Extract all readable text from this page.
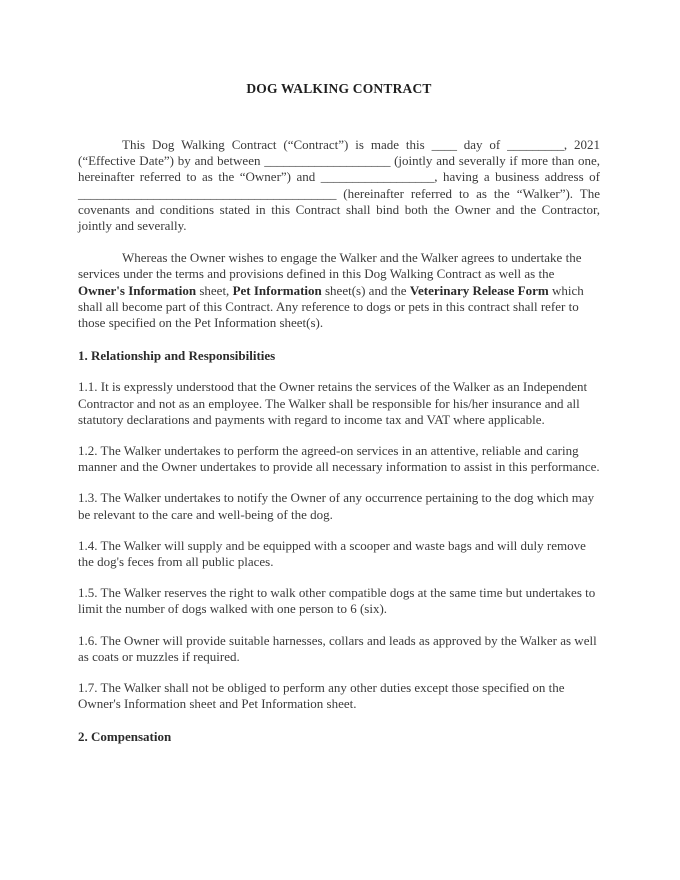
DOG WALKING CONTRACT

This Dog Walking Contract (“Contract”) is made this ____ day of _________, 2021 (“Effective Date”) by and between ____________________ (jointly and severally if more than one, hereinafter referred to as the “Owner”) and __________________, having a business address of _________________________________________ (hereinafter referred to as the “Walker”). The covenants and conditions stated in this Contract shall bind both the Owner and the Contractor, jointly and severally.

Whereas the Owner wishes to engage the Walker and the Walker agrees to undertake the services under the terms and provisions defined in this Dog Walking Contract as well as the Owner's Information sheet, Pet Information sheet(s) and the Veterinary Release Form which shall all become part of this Contract. Any reference to dogs or pets in this contract shall refer to those specified on the Pet Information sheet(s).

1. Relationship and Responsibilities

1.1. It is expressly understood that the Owner retains the services of the Walker as an Independent Contractor and not as an employee. The Walker shall be responsible for his/her insurance and all statutory declarations and payments with regard to income tax and VAT where applicable.

1.2. The Walker undertakes to perform the agreed-on services in an attentive, reliable and caring manner and the Owner undertakes to provide all necessary information to assist in this performance.

1.3. The Walker undertakes to notify the Owner of any occurrence pertaining to the dog which may be relevant to the care and well-being of the dog.

1.4. The Walker will supply and be equipped with a scooper and waste bags and will duly remove the dog's feces from all public places.

1.5. The Walker reserves the right to walk other compatible dogs at the same time but undertakes to limit the number of dogs walked with one person to 6 (six).

1.6. The Owner will provide suitable harnesses, collars and leads as approved by the Walker as well as coats or muzzles if required.

1.7. The Walker shall not be obliged to perform any other duties except those specified on the Owner's Information sheet and Pet Information sheet.

2. Compensation
